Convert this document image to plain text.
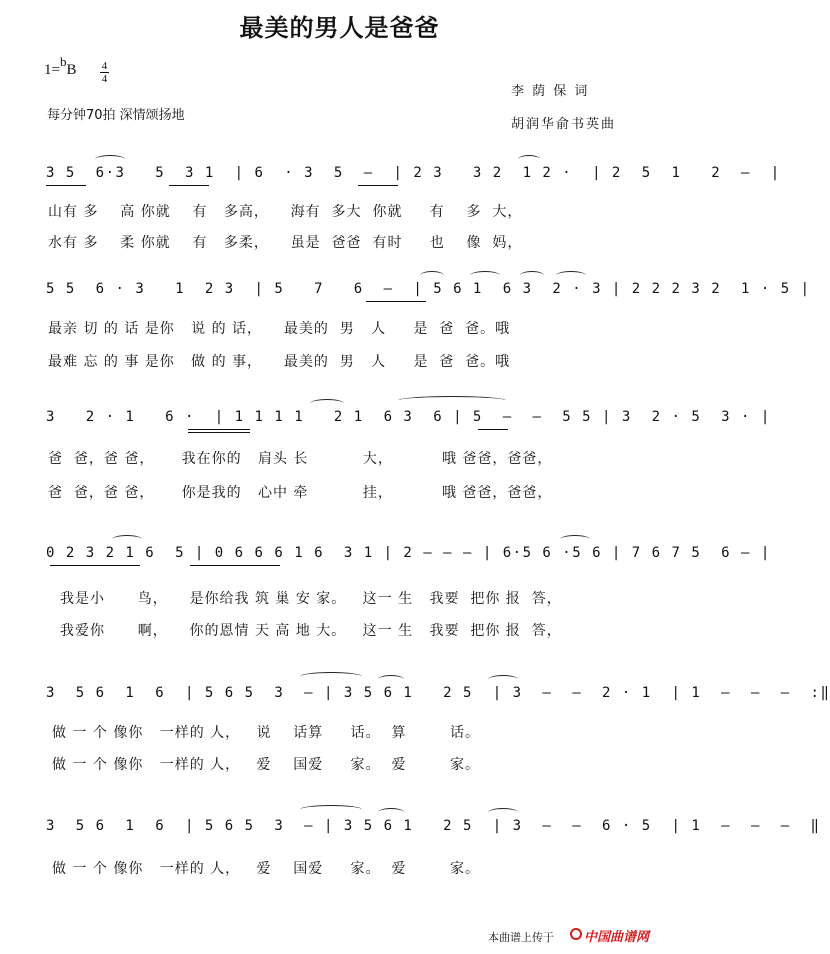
最美的男人是爸爸
1=bB 4
4
每分钟70拍 深情颂扬地
李 荫 保 词
胡润华俞书英曲
3 5  6·3   5  3 1  | 6  · 3  5  –  | 2 3   3 2  1 2 ·  | 2  5  1   2  –  |
山有 多    高 你就    有   多高，    海有  多大  你就     有    多  大，
水有 多    柔 你就    有   多柔，    虽是  爸爸  有时     也    像  妈，
5 5  6 · 3   1  2 3  | 5   7   6  –  | 5 6 1  6 3  2 · 3 | 2 2 2 3 2  1 · 5 |
最亲 切 的 话 是你   说 的 话，    最美的  男   人     是  爸  爸。哦
最难 忘 的 事 是你   做 的 事，    最美的  男   人     是  爸  爸。哦
3   2 · 1   6 ·  | 1 1 1 1   2 1  6 3  6 | 5  –  –  5 5 | 3  2 · 5  3 · |
爸  爸，爸 爸，     我在你的   肩头 长          大，         哦 爸爸，爸爸，
爸  爸，爸 爸，     你是我的   心中 牵          挂，         哦 爸爸，爸爸，
0 2 3 2 1 6  5 | 0 6 6 6 1 6  3 1 | 2 – – – | 6·5 6 ·5 6 | 7 6 7 5  6 – |
我是小      鸟，    是你给我 筑 巢 安 家。   这一 生   我要  把你 报  答，
我爱你      啊，    你的恩情 天 高 地 大。   这一 生   我要  把你 报  答，
3  5 6  1  6  | 5 6 5  3  – | 3 5 6 1   2 5  | 3  –  –  2 · 1  | 1  –  –  –  :‖
做 一 个 像你   一样的 人，   说    话算     话。  算        话。
做 一 个 像你   一样的 人，   爱    国爱     家。  爱        家。
3  5 6  1  6  | 5 6 5  3  – | 3 5 6 1   2 5  | 3  –  –  6 · 5  | 1  –  –  –  ‖
做 一 个 像你   一样的 人，   爱    国爱     家。  爱        家。
本曲谱上传于 中国曲谱网
